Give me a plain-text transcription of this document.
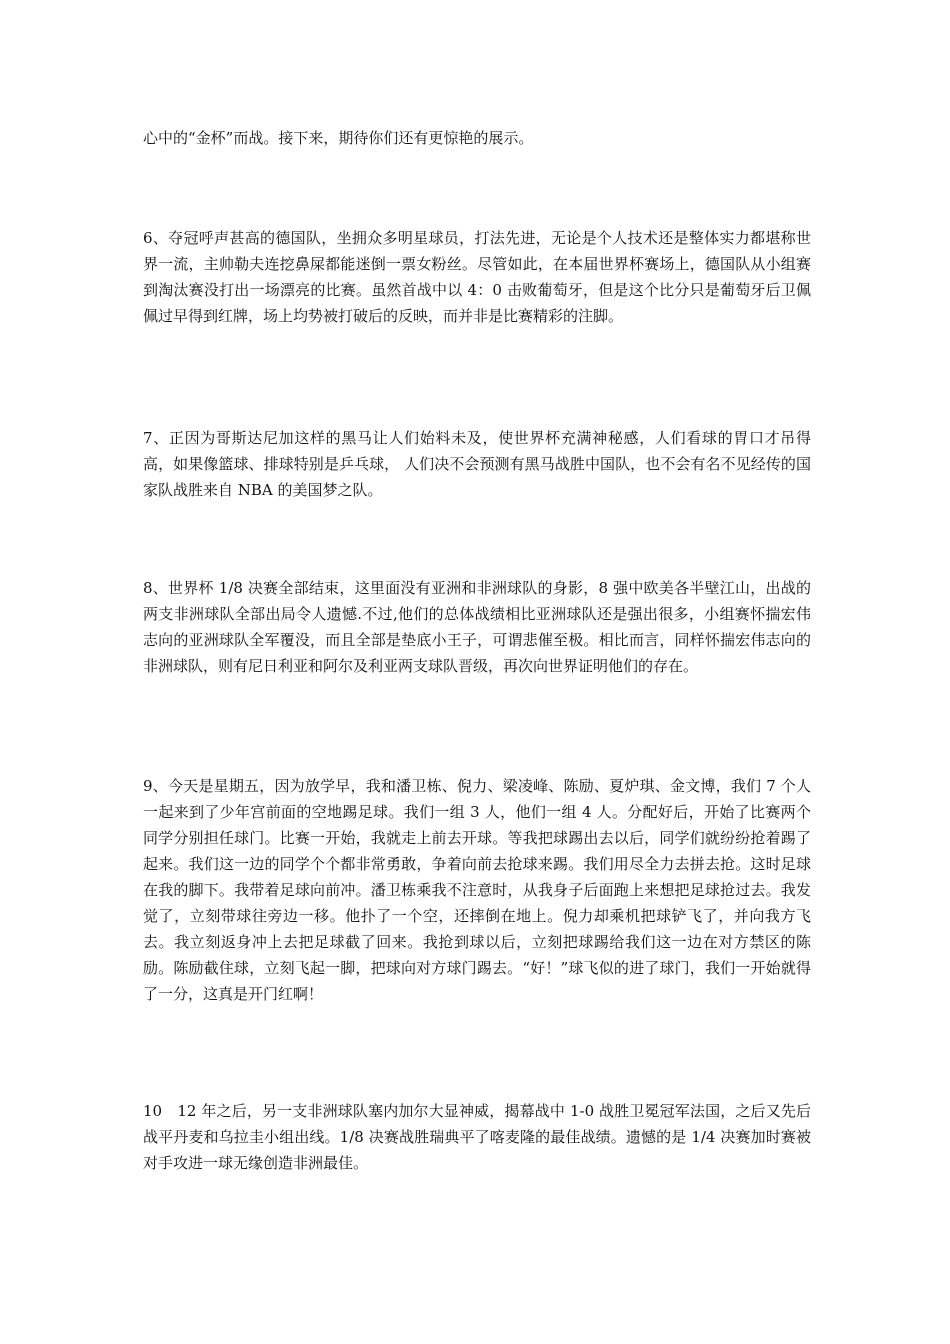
心中的“金杯”而战。接下来，期待你们还有更惊艳的展示。

6、夺冠呼声甚高的德国队，坐拥众多明星球员，打法先进，无论是个人技术还是整体实力都堪称世界一流，主帅勒夫连挖鼻屎都能迷倒一票女粉丝。尽管如此，在本届世界杯赛场上，德国队从小组赛到淘汰赛没打出一场漂亮的比赛。虽然首战中以 4：0 击败葡萄牙，但是这个比分只是葡萄牙后卫佩佩过早得到红牌，场上均势被打破后的反映，而并非是比赛精彩的注脚。

7、正因为哥斯达尼加这样的黑马让人们始料未及，使世界杯充满神秘感，人们看球的胃口才吊得高，如果像篮球、排球特别是乒乓球， 人们决不会预测有黑马战胜中国队，也不会有名不见经传的国家队战胜来自 NBA 的美国梦之队。

8、世界杯 1/8 决赛全部结束，这里面没有亚洲和非洲球队的身影，8 强中欧美各半壁江山，出战的两支非洲球队全部出局令人遗憾.不过,他们的总体战绩相比亚洲球队还是强出很多，小组赛怀揣宏伟志向的亚洲球队全军覆没，而且全部是垫底小王子，可谓悲催至极。相比而言，同样怀揣宏伟志向的非洲球队，则有尼日利亚和阿尔及利亚两支球队晋级，再次向世界证明他们的存在。

9、今天是星期五，因为放学早，我和潘卫栋、倪力、梁凌峰、陈励、夏炉琪、金文博，我们 7 个人一起来到了少年宫前面的空地踢足球。我们一组 3 人，他们一组 4 人。分配好后，开始了比赛两个同学分别担任球门。比赛一开始，我就走上前去开球。等我把球踢出去以后，同学们就纷纷抢着踢了起来。我们这一边的同学个个都非常勇敢，争着向前去抢球来踢。我们用尽全力去拼去抢。这时足球在我的脚下。我带着足球向前冲。潘卫栋乘我不注意时，从我身子后面跑上来想把足球抢过去。我发觉了，立刻带球往旁边一移。他扑了一个空，还摔倒在地上。倪力却乘机把球铲飞了，并向我方飞去。我立刻返身冲上去把足球截了回来。我抢到球以后，立刻把球踢给我们这一边在对方禁区的陈励。陈励截住球，立刻飞起一脚，把球向对方球门踢去。“好！”球飞似的进了球门，我们一开始就得了一分，这真是开门红啊！

10　12 年之后，另一支非洲球队塞内加尔大显神威，揭幕战中 1-0 战胜卫冕冠军法国，之后又先后战平丹麦和乌拉圭小组出线。1/8 决赛战胜瑞典平了喀麦隆的最佳战绩。遗憾的是 1/4 决赛加时赛被对手攻进一球无缘创造非洲最佳。
